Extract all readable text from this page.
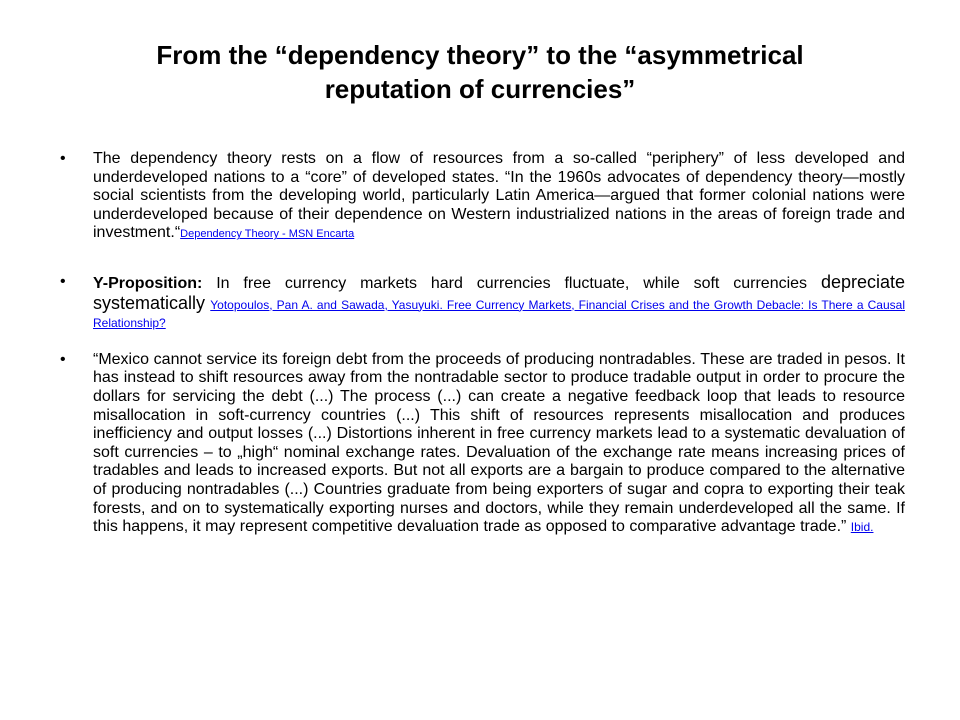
From the “dependency theory” to the “asymmetrical reputation of currencies”
• The dependency theory rests on a flow of resources from a so-called “periphery” of less developed and underdeveloped nations to a “core” of developed states. “In the 1960s advocates of dependency theory—mostly social scientists from the developing world, particularly Latin America—argued that former colonial nations were underdeveloped because of their dependence on Western industrialized nations in the areas of foreign trade and investment.“Dependency Theory - MSN Encarta
• Y-Proposition: In free currency markets hard currencies fluctuate, while soft currencies depreciate systematically Yotopoulos, Pan A. and Sawada, Yasuyuki. Free Currency Markets, Financial Crises and the Growth Debacle: Is There a Causal Relationship?
• “Mexico cannot service its foreign debt from the proceeds of producing nontradables. These are traded in pesos. It has instead to shift resources away from the nontradable sector to produce tradable output in order to procure the dollars for servicing the debt (...) The process (...) can create a negative feedback loop that leads to resource misallocation in soft-currency countries (...) This shift of resources represents misallocation and produces inefficiency and output losses (...) Distortions inherent in free currency markets lead to a systematic devaluation of soft currencies – to „high“ nominal exchange rates. Devaluation of the exchange rate means increasing prices of tradables and leads to increased exports. But not all exports are a bargain to produce compared to the alternative of producing nontradables (...) Countries graduate from being exporters of sugar and copra to exporting their teak forests, and on to systematically exporting nurses and doctors, while they remain underdeveloped all the same. If this happens, it may represent competitive devaluation trade as opposed to comparative advantage trade.” Ibid.
